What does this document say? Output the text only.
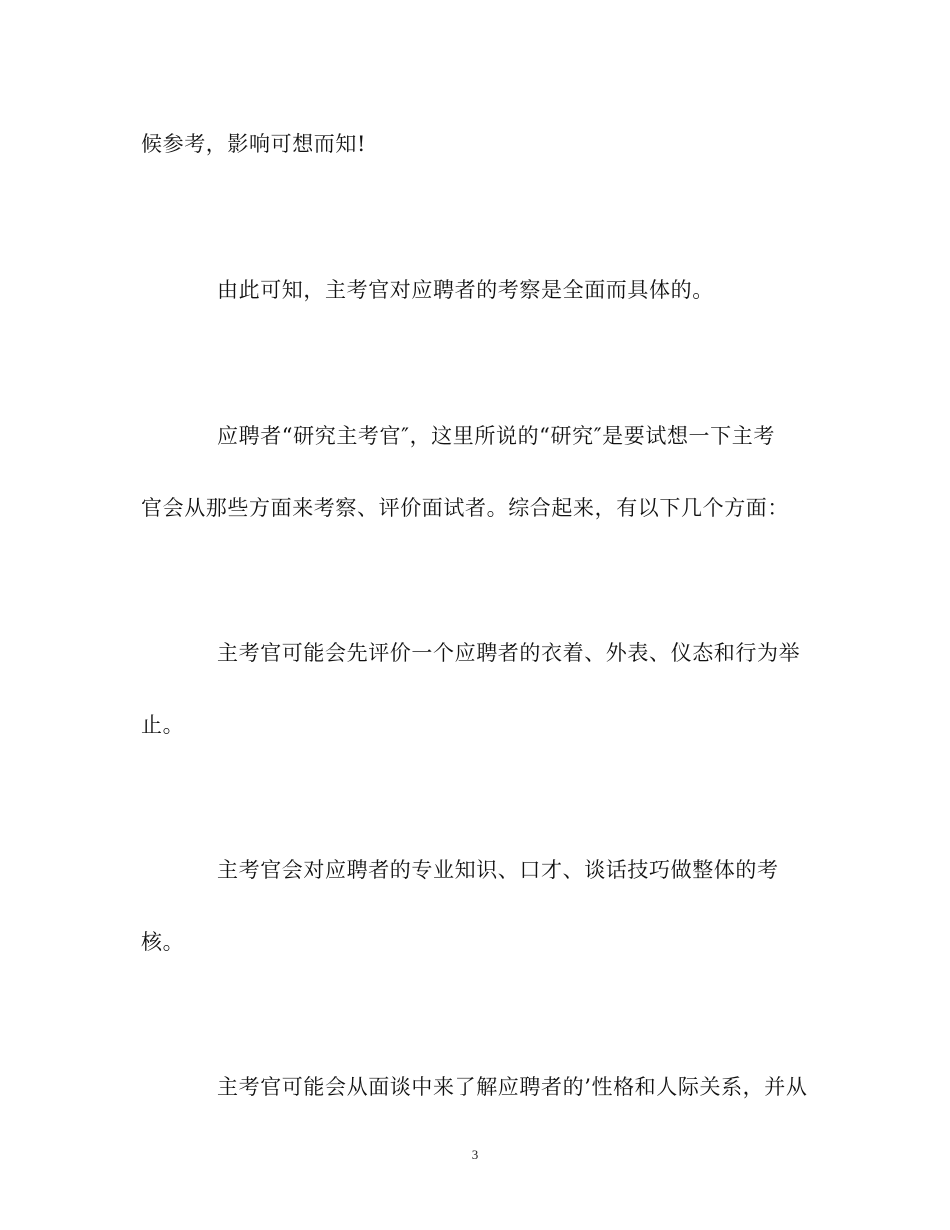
候参考，影响可想而知!

由此可知，主考官对应聘者的考察是全面而具体的。

应聘者“研究主考官″，这里所说的“研究″是要试想一下主考

官会从那些方面来考察、评价面试者。综合起来，有以下几个方面：

主考官可能会先评价一个应聘者的衣着、外表、仪态和行为举

止。

主考官会对应聘者的专业知识、口才、谈话技巧做整体的考

核。

主考官可能会从面谈中来了解应聘者的’性格和人际关系，并从

3
